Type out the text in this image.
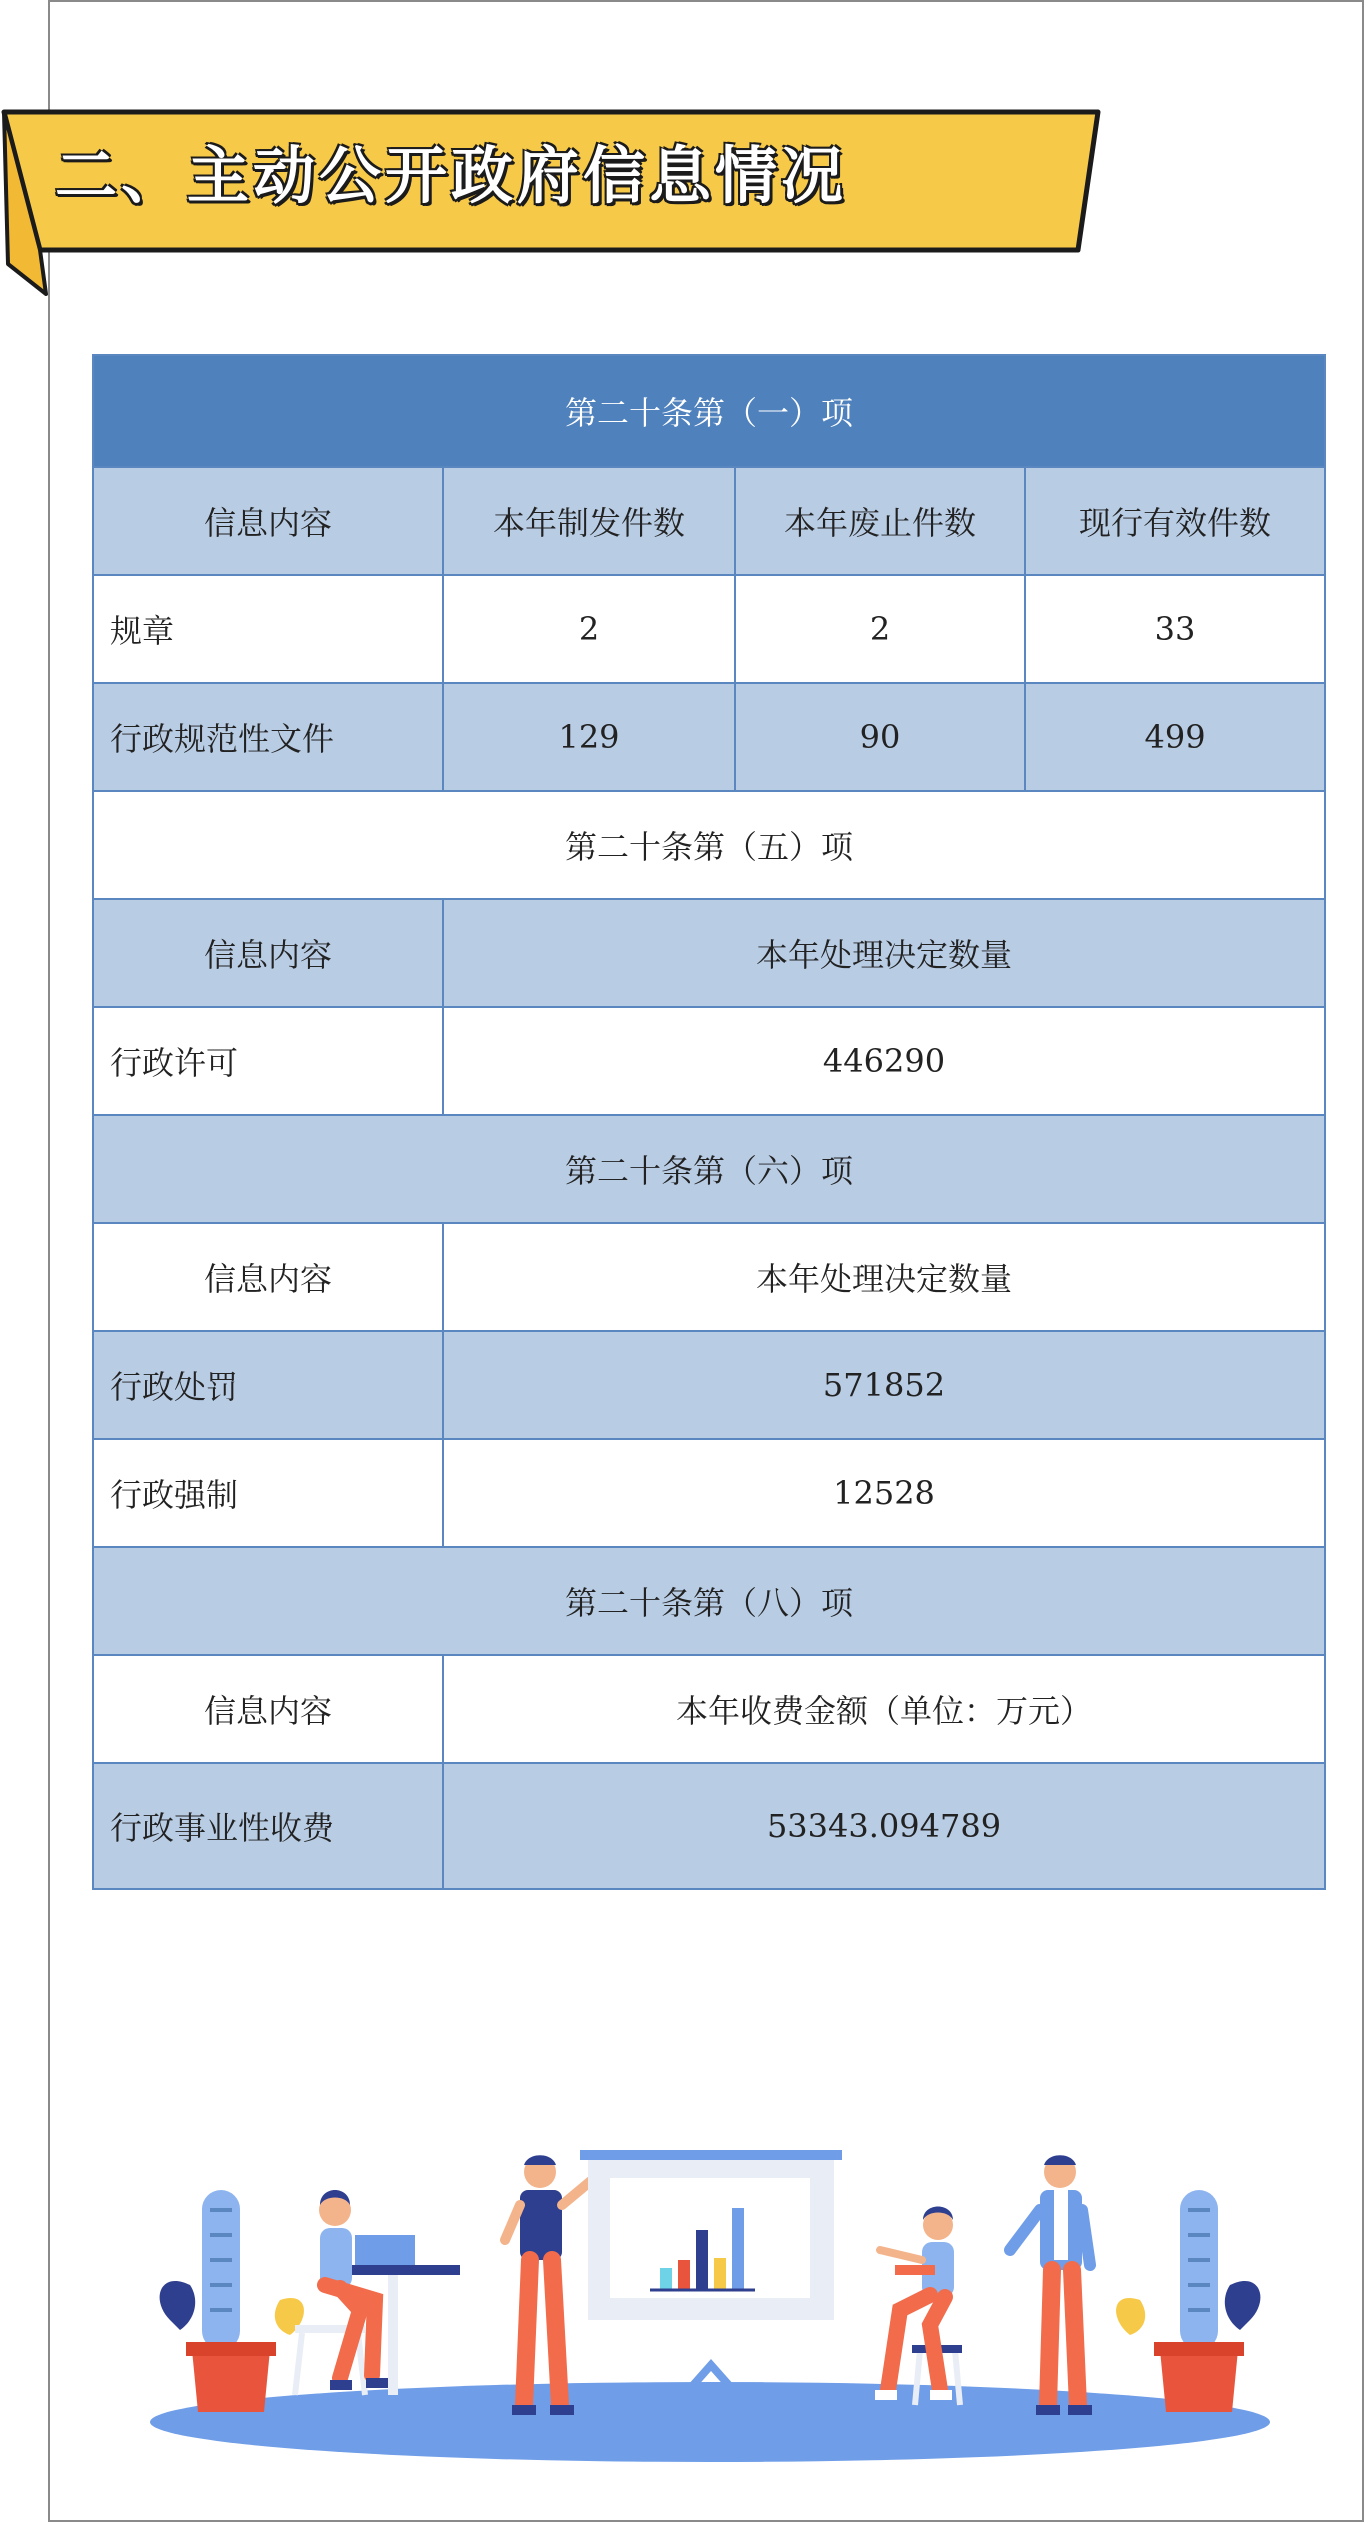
二、主动公开政府信息情况
第二十条第（一）项			
信息内容	本年制发件数	本年废止件数	现行有效件数
规章	2	2	33
行政规范性文件	129	90	499
第二十条第（五）项			
信息内容	本年处理决定数量		
行政许可	446290		
第二十条第（六）项			
信息内容	本年处理决定数量		
行政处罚	571852		
行政强制	12528		
第二十条第（八）项			
信息内容	本年收费金额（单位：万元）		
行政事业性收费	53343.094789		
